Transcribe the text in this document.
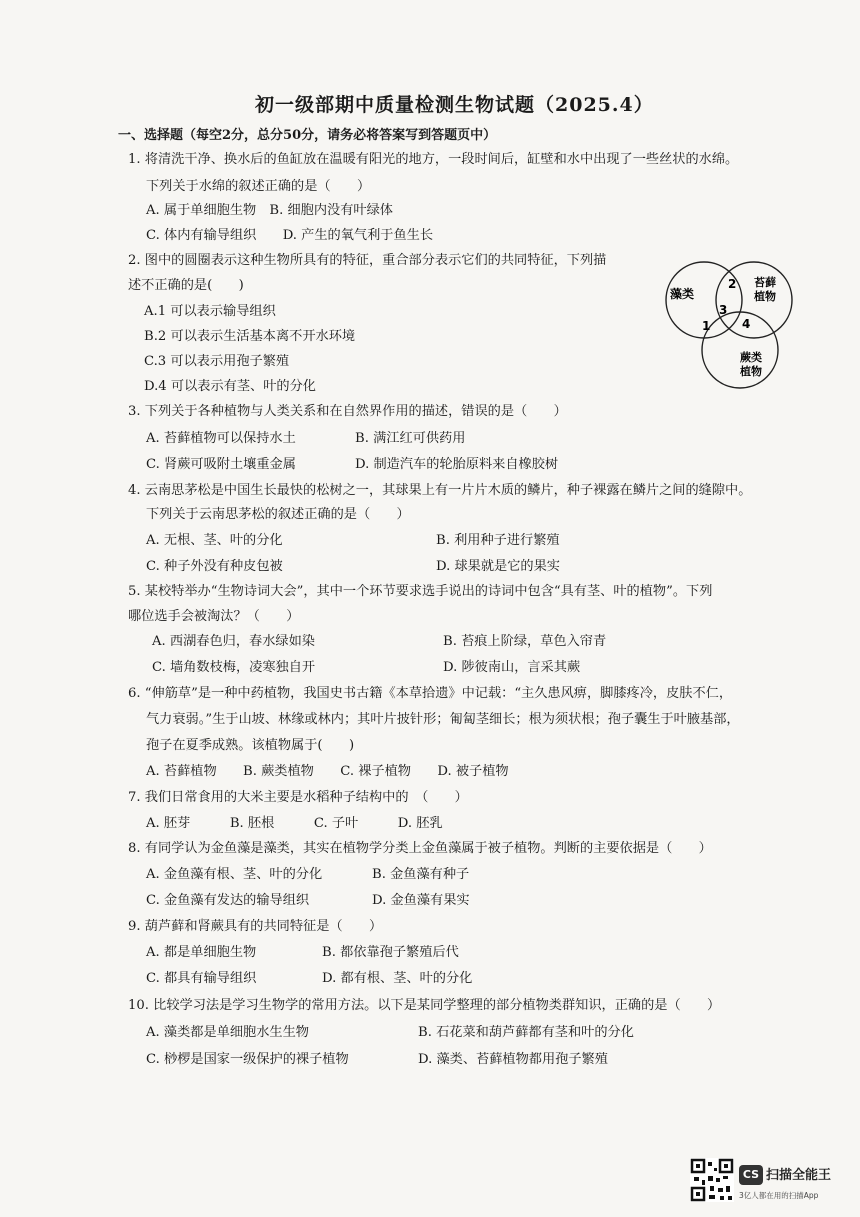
初一级部期中质量检测生物试题（2025.4）
一、选择题（每空2分，总分50分，请务必将答案写到答题页中）
1. 将清洗干净、换水后的鱼缸放在温暖有阳光的地方，一段时间后，缸壁和水中出现了一些丝状的水绵。
下列关于水绵的叙述正确的是（　　）
A. 属于单细胞生物　B. 细胞内没有叶绿体
C. 体内有输导组织　　D. 产生的氧气利于鱼生长
2. 图中的圆圈表示这种生物所具有的特征，重合部分表示它们的共同特征，下列描
述不正确的是(　　)
A.1 可以表示输导组织
B.2 可以表示生活基本离不开水环境
C.3 可以表示用孢子繁殖
D.4 可以表示有茎、叶的分化
藻类
苔藓
植物
蕨类
植物
1
2
3
4
3. 下列关于各种植物与人类关系和在自然界作用的描述，错误的是（　　）
A. 苔藓植物可以保持水土	B. 满江红可供药用
C. 肾蕨可吸附土壤重金属	D. 制造汽车的轮胎原料来自橡胶树
4. 云南思茅松是中国生长最快的松树之一，其球果上有一片片木质的鳞片，种子裸露在鳞片之间的缝隙中。
下列关于云南思茅松的叙述正确的是（　　）
A. 无根、茎、叶的分化	B. 利用种子进行繁殖
C. 种子外没有种皮包被	D. 球果就是它的果实
5. 某校特举办“生物诗词大会”，其中一个环节要求选手说出的诗词中包含“具有茎、叶的植物”。下列
哪位选手会被淘汰？（　　）
A. 西湖春色归，春水绿如染	B. 苔痕上阶绿，草色入帘青
C. 墙角数枝梅，凌寒独自开	D. 陟彼南山，言采其蕨
6. “伸筋草”是一种中药植物，我国史书古籍《本草拾遗》中记载：“主久患风痹，脚膝疼冷，皮肤不仁，
气力衰弱。”生于山坡、林缘或林内；其叶片披针形；匍匐茎细长；根为须状根；孢子囊生于叶腋基部，
孢子在夏季成熟。该植物属于(　　)
A. 苔藓植物　　B. 蕨类植物　　C. 裸子植物　　D. 被子植物
7. 我们日常食用的大米主要是水稻种子结构中的　（　　）
A. 胚芽　　　B. 胚根　　　C. 子叶　　　D. 胚乳
8. 有同学认为金鱼藻是藻类，其实在植物学分类上金鱼藻属于被子植物。判断的主要依据是（　　）
A. 金鱼藻有根、茎、叶的分化	B. 金鱼藻有种子
C. 金鱼藻有发达的输导组织	D. 金鱼藻有果实
9. 葫芦藓和肾蕨具有的共同特征是（　　）
A. 都是单细胞生物	B. 都依靠孢子繁殖后代
C. 都具有输导组织	D. 都有根、茎、叶的分化
10. 比较学习法是学习生物学的常用方法。以下是某同学整理的部分植物类群知识，正确的是（　　）
A. 藻类都是单细胞水生生物	B. 石花菜和葫芦藓都有茎和叶的分化
C. 桫椤是国家一级保护的裸子植物	D. 藻类、苔藓植物都用孢子繁殖
CS 扫描全能王
3亿人都在用的扫描App
